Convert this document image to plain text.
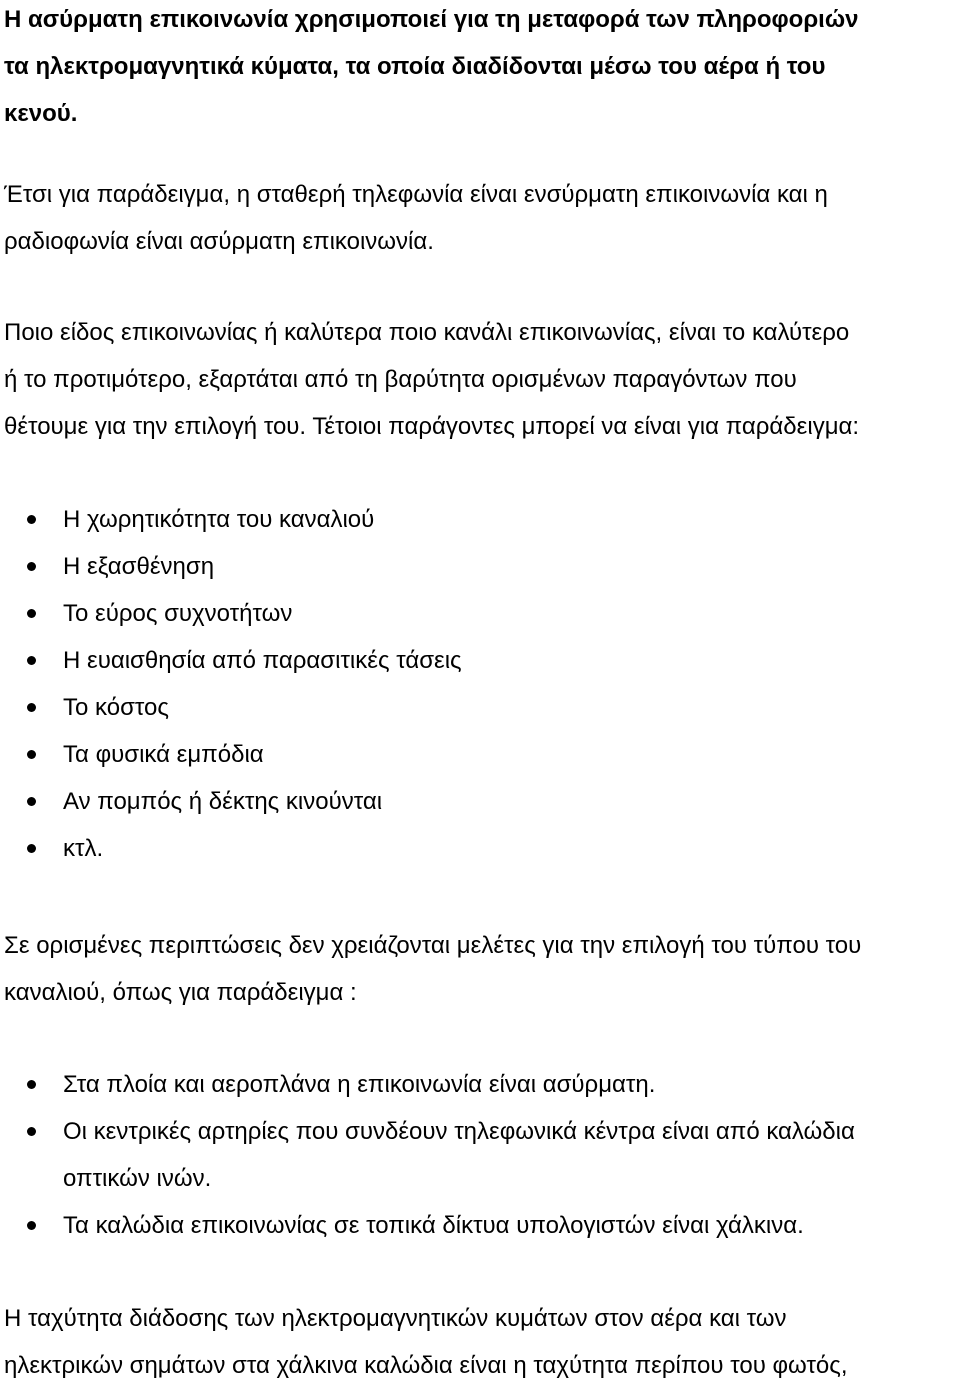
Η ασύρματη επικοινωνία χρησιμοποιεί για τη μεταφορά των πληροφοριών
τα ηλεκτρομαγνητικά κύματα, τα οποία διαδίδονται μέσω του αέρα ή του
κενού.
Έτσι για παράδειγμα, η σταθερή τηλεφωνία είναι ενσύρματη επικοινωνία και η
ραδιοφωνία είναι ασύρματη επικοινωνία.
Ποιο είδος επικοινωνίας ή καλύτερα ποιο κανάλι επικοινωνίας, είναι το καλύτερο
ή το προτιμότερο, εξαρτάται από τη βαρύτητα ορισμένων παραγόντων που
θέτουμε για την επιλογή του. Τέτοιοι παράγοντες μπορεί να είναι για παράδειγμα:
Η χωρητικότητα του καναλιού
Η εξασθένηση
Το εύρος συχνοτήτων
Η ευαισθησία από παρασιτικές τάσεις
Το κόστος
Τα φυσικά εμπόδια
Αν πομπός ή δέκτης κινούνται
κτλ.
Σε ορισμένες περιπτώσεις δεν χρειάζονται μελέτες για την επιλογή του τύπου του
καναλιού, όπως για παράδειγμα :
Στα πλοία και αεροπλάνα η επικοινωνία είναι ασύρματη.
Οι κεντρικές αρτηρίες που συνδέουν τηλεφωνικά κέντρα είναι από καλώδια
οπτικών ινών.
Τα καλώδια επικοινωνίας σε τοπικά δίκτυα υπολογιστών είναι χάλκινα.
Η ταχύτητα διάδοσης των ηλεκτρομαγνητικών κυμάτων στον αέρα και των
ηλεκτρικών σημάτων στα χάλκινα καλώδια είναι η ταχύτητα περίπου του φωτός,
